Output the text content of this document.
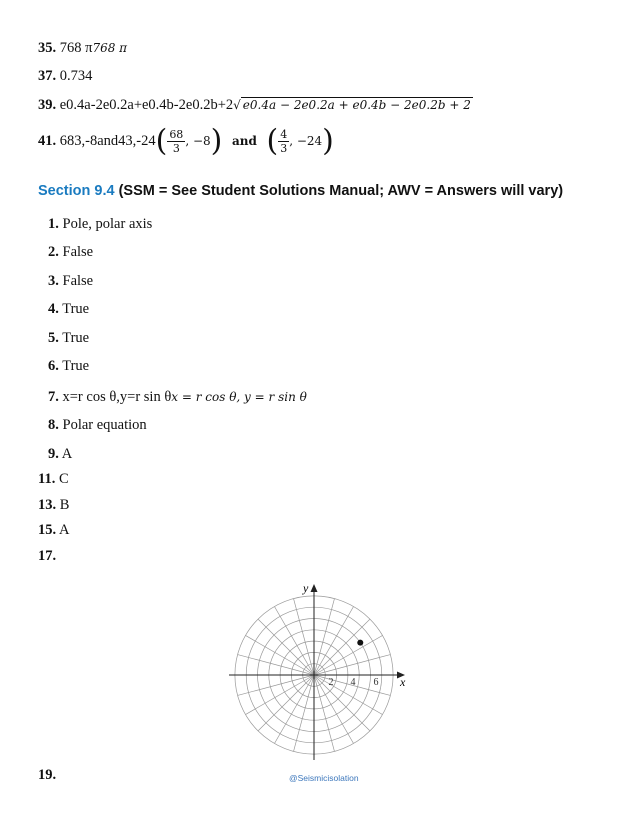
35. 768 π768 π
37. 0.734
39. e0.4a-2e0.2a+e0.4b-2e0.2b+2√ e0.4a − 2e0.2a + e0.4b − 2e0.2b + 2
41. $683,-8and43,-24( \frac{68}{3}$ , −8) and ( $\frac{4}{3}$ , −24)
Section 9.4 (SSM = See Student Solutions Manual; AWV = Answers will vary)
1. Pole, polar axis
2. False
3. False
4. True
5. True
6. True
7. x=r cos θ,y=r sin θx = r cos θ, y = r sin θ
8. Polar equation
9. A
11. C
13. B
15. A
17.
x
y
2 4 6
19.	@Seismicisolation
